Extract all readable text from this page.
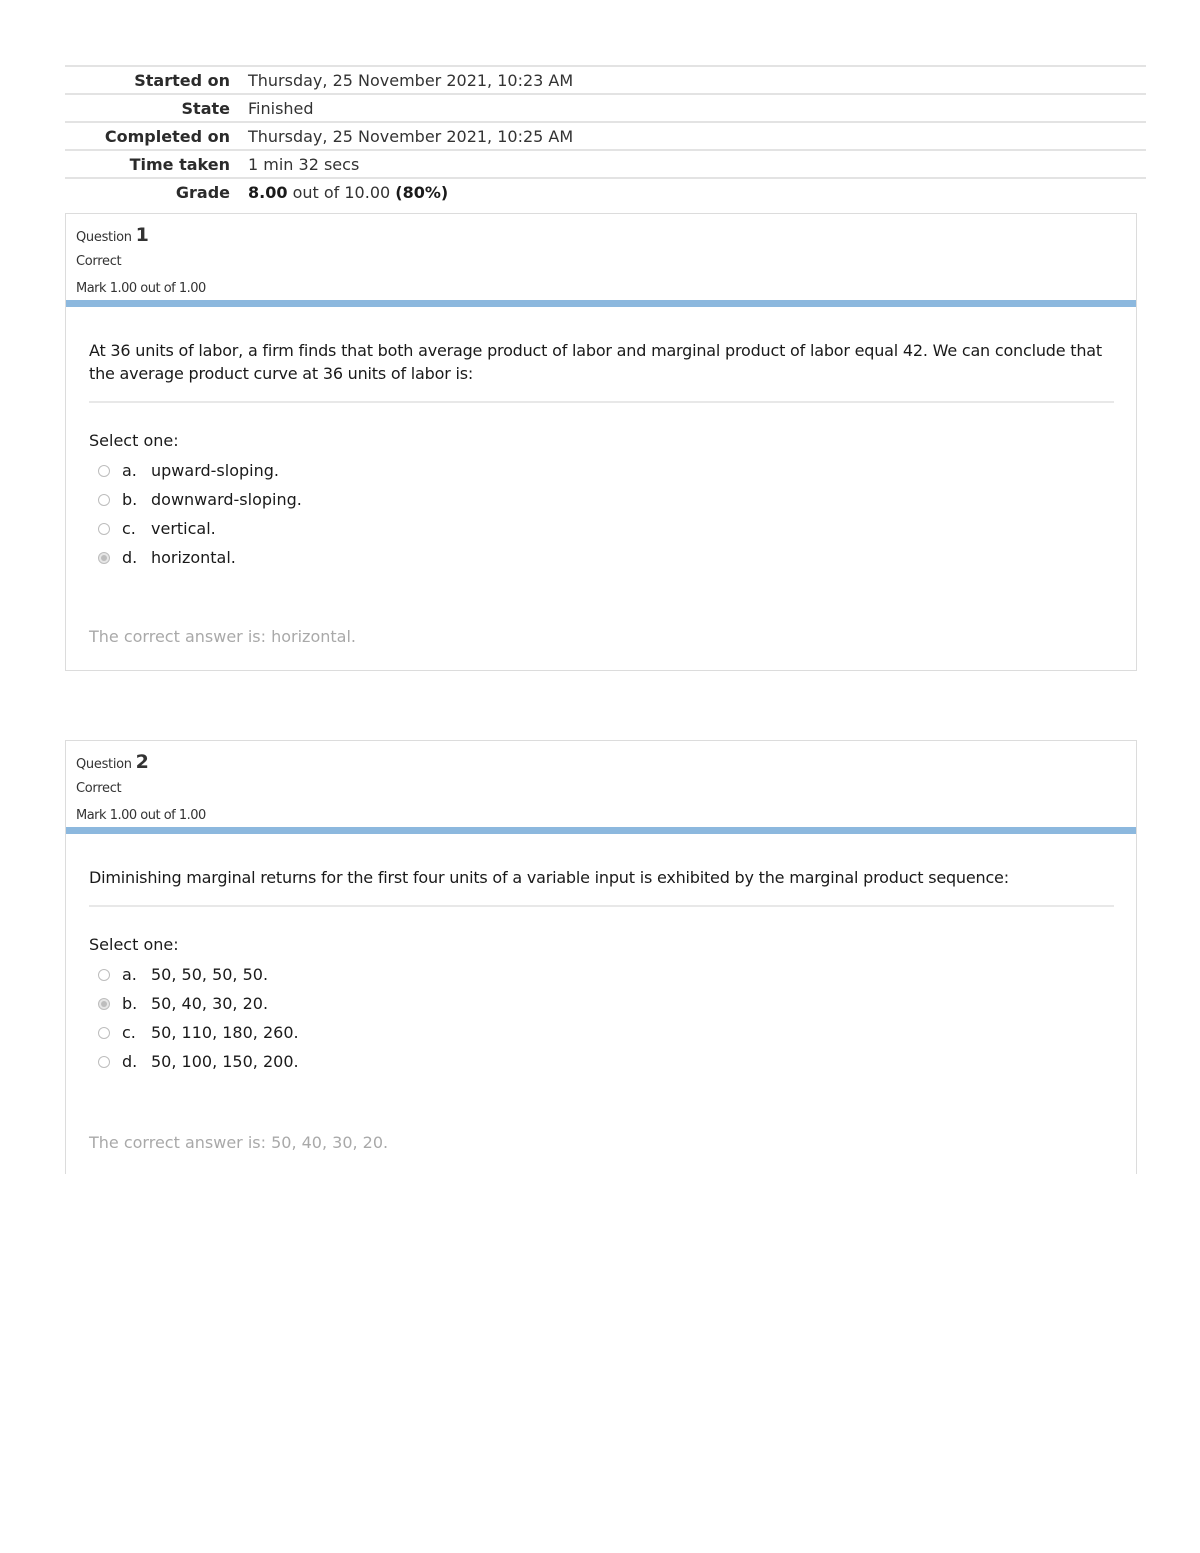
Started on Thursday, 25 November 2021, 10:23 AM
State Finished
Completed on Thursday, 25 November 2021, 10:25 AM
Time taken 1 min 32 secs
Grade 8.00 out of 10.00 (80%)
Question 1
Correct
Mark 1.00 out of 1.00
At 36 units of labor, a firm finds that both average product of labor and marginal product of labor equal 42. We can conclude that the average product curve at 36 units of labor is:
Select one:
a. upward-sloping.
b. downward-sloping.
c. vertical.
d. horizontal.
The correct answer is: horizontal.
Question 2
Correct
Mark 1.00 out of 1.00
Diminishing marginal returns for the first four units of a variable input is exhibited by the marginal product sequence:
Select one:
a. 50, 50, 50, 50.
b. 50, 40, 30, 20.
c. 50, 110, 180, 260.
d. 50, 100, 150, 200.
The correct answer is: 50, 40, 30, 20.
